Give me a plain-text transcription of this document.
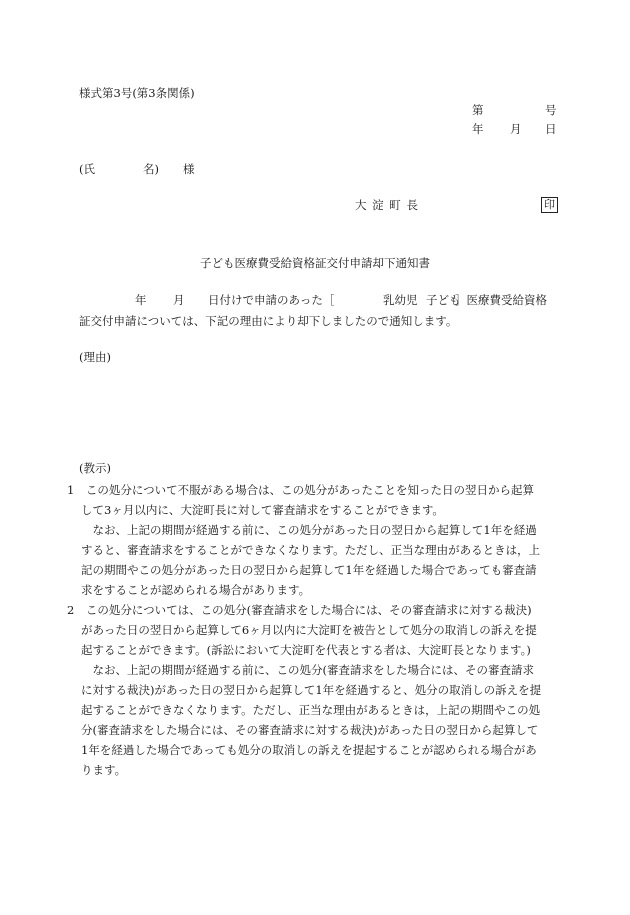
様式第3号(第3条関係)
第	号
年 月 日
(氏	名) 様
大 淀 町 長	印
子ども医療費受給資格証交付申請却下通知書
年 月 日付けで申請のあった［	乳幼児 子ども
］医療費受給資格
証交付申請については、下記の理由により却下しましたので通知します。
(理由)
(教示)
1　この処分について不服がある場合は、この処分があったことを知った日の翌日から起算
して3ヶ月以内に、大淀町長に対して審査請求をすることができます。
　なお、上記の期間が経過する前に、この処分があった日の翌日から起算して1年を経過
すると、審査請求をすることができなくなります。ただし、正当な理由があるときは，上
記の期間やこの処分があった日の翌日から起算して1年を経過した場合であっても審査請
求をすることが認められる場合があります。
2　この処分については、この処分(審査請求をした場合には、その審査請求に対する裁決)
があった日の翌日から起算して6ヶ月以内に大淀町を被告として処分の取消しの訴えを提
起することができます。(訴訟において大淀町を代表とする者は、大淀町長となります。)
　なお、上記の期間が経過する前に、この処分(審査請求をした場合には、その審査請求
に対する裁決)があった日の翌日から起算して1年を経過すると、処分の取消しの訴えを提
起することができなくなります。ただし、正当な理由があるときは，上記の期間やこの処
分(審査請求をした場合には、その審査請求に対する裁決)があった日の翌日から起算して
1年を経過した場合であっても処分の取消しの訴えを提起することが認められる場合があ
ります。
